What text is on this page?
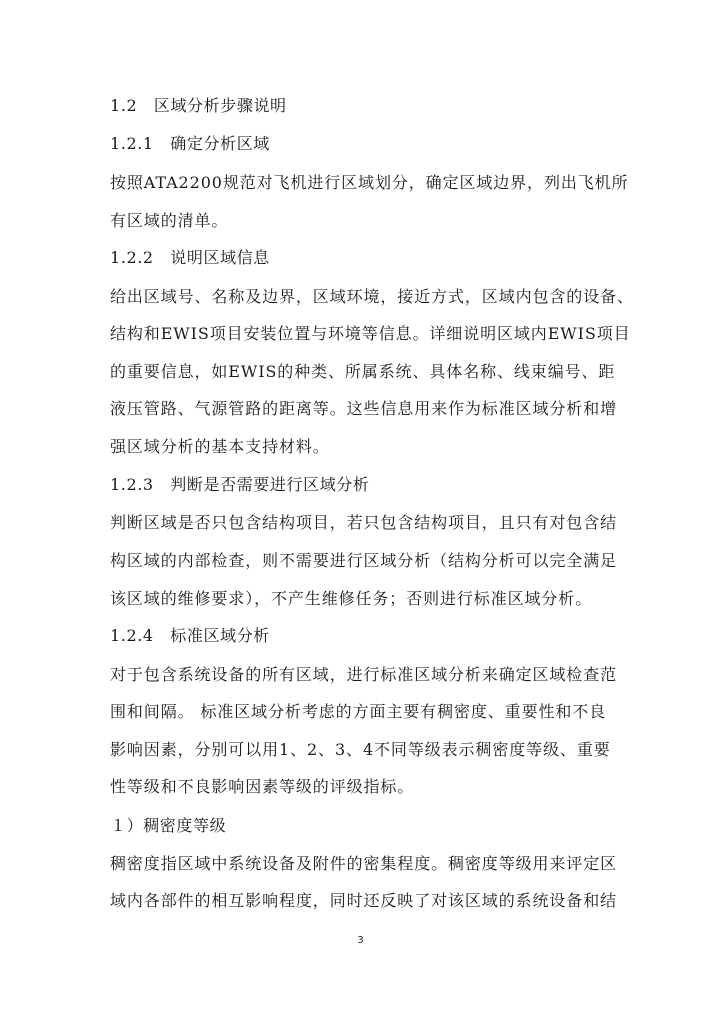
1.2　区域分析步骤说明
1.2.1　确定分析区域
按照ATA2200规范对飞机进行区域划分，确定区域边界，列出飞机所
有区域的清单。
1.2.2　说明区域信息
给出区域号、名称及边界，区域环境，接近方式，区域内包含的设备、
结构和EWIS项目安装位置与环境等信息。详细说明区域内EWIS项目
的重要信息，如EWIS的种类、所属系统、具体名称、线束编号、距
液压管路、气源管路的距离等。这些信息用来作为标准区域分析和增
强区域分析的基本支持材料。
1.2.3　判断是否需要进行区域分析
判断区域是否只包含结构项目，若只包含结构项目，且只有对包含结
构区域的内部检查，则不需要进行区域分析（结构分析可以完全满足
该区域的维修要求），不产生维修任务；否则进行标准区域分析。
1.2.4　标准区域分析
对于包含系统设备的所有区域，进行标准区域分析来确定区域检查范
围和间隔。 标准区域分析考虑的方面主要有稠密度、重要性和不良
影响因素，分别可以用1、2、3、4不同等级表示稠密度等级、重要
性等级和不良影响因素等级的评级指标。
１）稠密度等级
稠密度指区域中系统设备及附件的密集程度。稠密度等级用来评定区
域内各部件的相互影响程度，同时还反映了对该区域的系统设备和结
3
